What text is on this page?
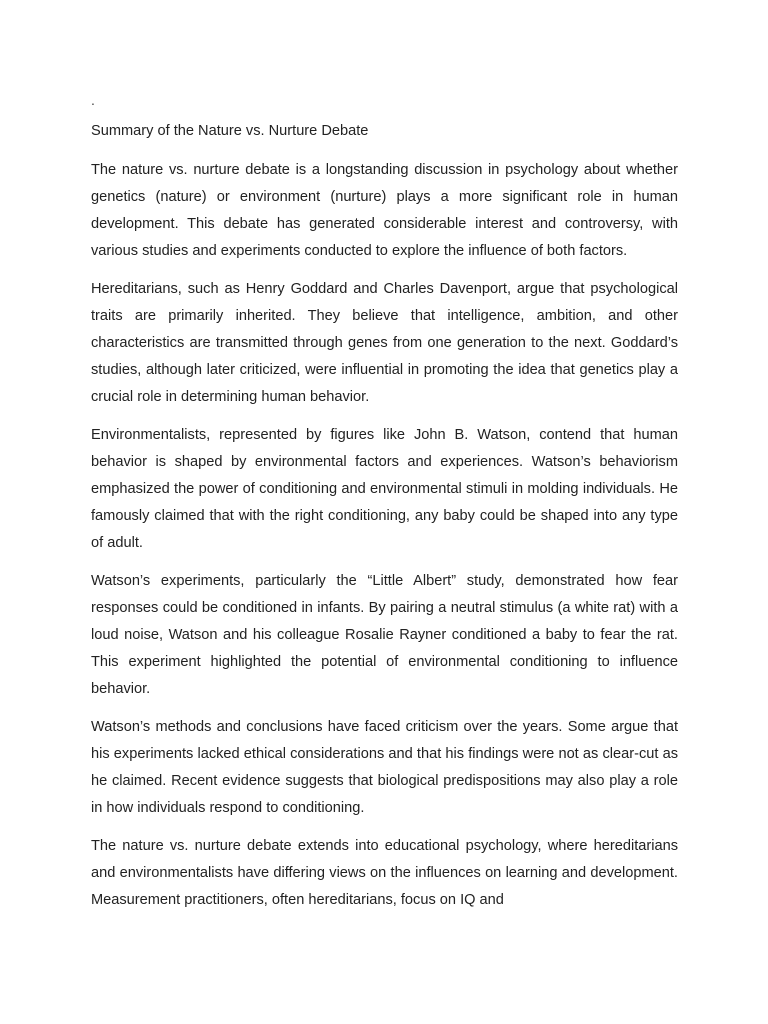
.
Summary of the Nature vs. Nurture Debate

The nature vs. nurture debate is a longstanding discussion in psychology about whether genetics (nature) or environment (nurture) plays a more significant role in human development. This debate has generated considerable interest and controversy, with various studies and experiments conducted to explore the influence of both factors.

Hereditarians, such as Henry Goddard and Charles Davenport, argue that psychological traits are primarily inherited. They believe that intelligence, ambition, and other characteristics are transmitted through genes from one generation to the next. Goddard’s studies, although later criticized, were influential in promoting the idea that genetics play a crucial role in determining human behavior.

Environmentalists, represented by figures like John B. Watson, contend that human behavior is shaped by environmental factors and experiences. Watson’s behaviorism emphasized the power of conditioning and environmental stimuli in molding individuals. He famously claimed that with the right conditioning, any baby could be shaped into any type of adult.

Watson’s experiments, particularly the “Little Albert” study, demonstrated how fear responses could be conditioned in infants. By pairing a neutral stimulus (a white rat) with a loud noise, Watson and his colleague Rosalie Rayner conditioned a baby to fear the rat. This experiment highlighted the potential of environmental conditioning to influence behavior.

Watson’s methods and conclusions have faced criticism over the years. Some argue that his experiments lacked ethical considerations and that his findings were not as clear-cut as he claimed. Recent evidence suggests that biological predispositions may also play a role in how individuals respond to conditioning.

The nature vs. nurture debate extends into educational psychology, where hereditarians and environmentalists have differing views on the influences on learning and development. Measurement practitioners, often hereditarians, focus on IQ and
